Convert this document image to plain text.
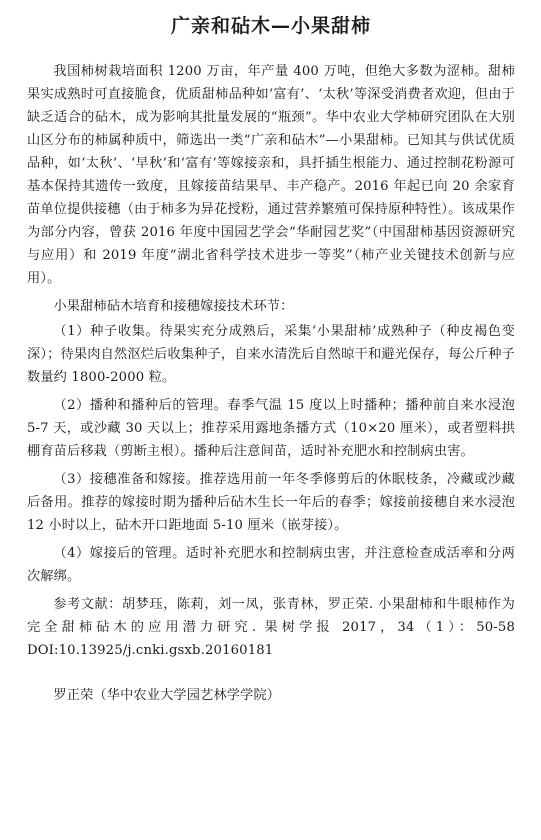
广亲和砧木—小果甜柿

我国柿树栽培面积 1200 万亩，年产量 400 万吨，但绝大多数为涩柿。甜柿果实成熟时可直接脆食，优质甜柿品种如‘富有’、‘太秋’等深受消费者欢迎，但由于缺乏适合的砧木，成为影响其批量发展的“瓶颈”。华中农业大学柿研究团队在大别山区分布的柿属种质中，筛选出一类“广亲和砧木”—小果甜柿。已知其与供试优质品种，如‘太秋’、‘早秋’和‘富有’等嫁接亲和，具扦插生根能力、通过控制花粉源可基本保持其遗传一致度，且嫁接苗结果早、丰产稳产。2016 年起已向 20 余家育苗单位提供接穗（由于柿多为异花授粉，通过营养繁殖可保持原种特性）。该成果作为部分内容，曾获 2016 年度中国园艺学会“华耐园艺奖”（中国甜柿基因资源研究与应用）和 2019 年度“湖北省科学技术进步一等奖”（柿产业关键技术创新与应用）。

小果甜柿砧木培育和接穗嫁接技术环节：

（1）种子收集。待果实充分成熟后，采集‘小果甜柿’成熟种子（种皮褐色变深）；待果肉自然沤烂后收集种子，自来水清洗后自然晾干和避光保存，每公斤种子数量约 1800-2000 粒。

（2）播种和播种后的管理。春季气温 15 度以上时播种；播种前自来水浸泡 5-7 天，或沙藏 30 天以上；推荐采用露地条播方式（10×20 厘米），或者塑料拱棚育苗后移栽（剪断主根）。播种后注意间苗，适时补充肥水和控制病虫害。

（3）接穗准备和嫁接。推荐选用前一年冬季修剪后的休眠枝条，冷藏或沙藏后备用。推荐的嫁接时期为播种后砧木生长一年后的春季；嫁接前接穗自来水浸泡 12 小时以上，砧木开口距地面 5-10 厘米（嵌芽接）。

（4）嫁接后的管理。适时补充肥水和控制病虫害，并注意检查成活率和分两次解绑。

参考文献：胡梦珏，陈莉，刘一凤，张青林，罗正荣. 小果甜柿和牛眼柿作为完全甜柿砧木的应用潜力研究. 果树学报 2017，34（1）：50-58 DOI:10.13925/j.cnki.gsxb.20160181

罗正荣（华中农业大学园艺林学学院）
